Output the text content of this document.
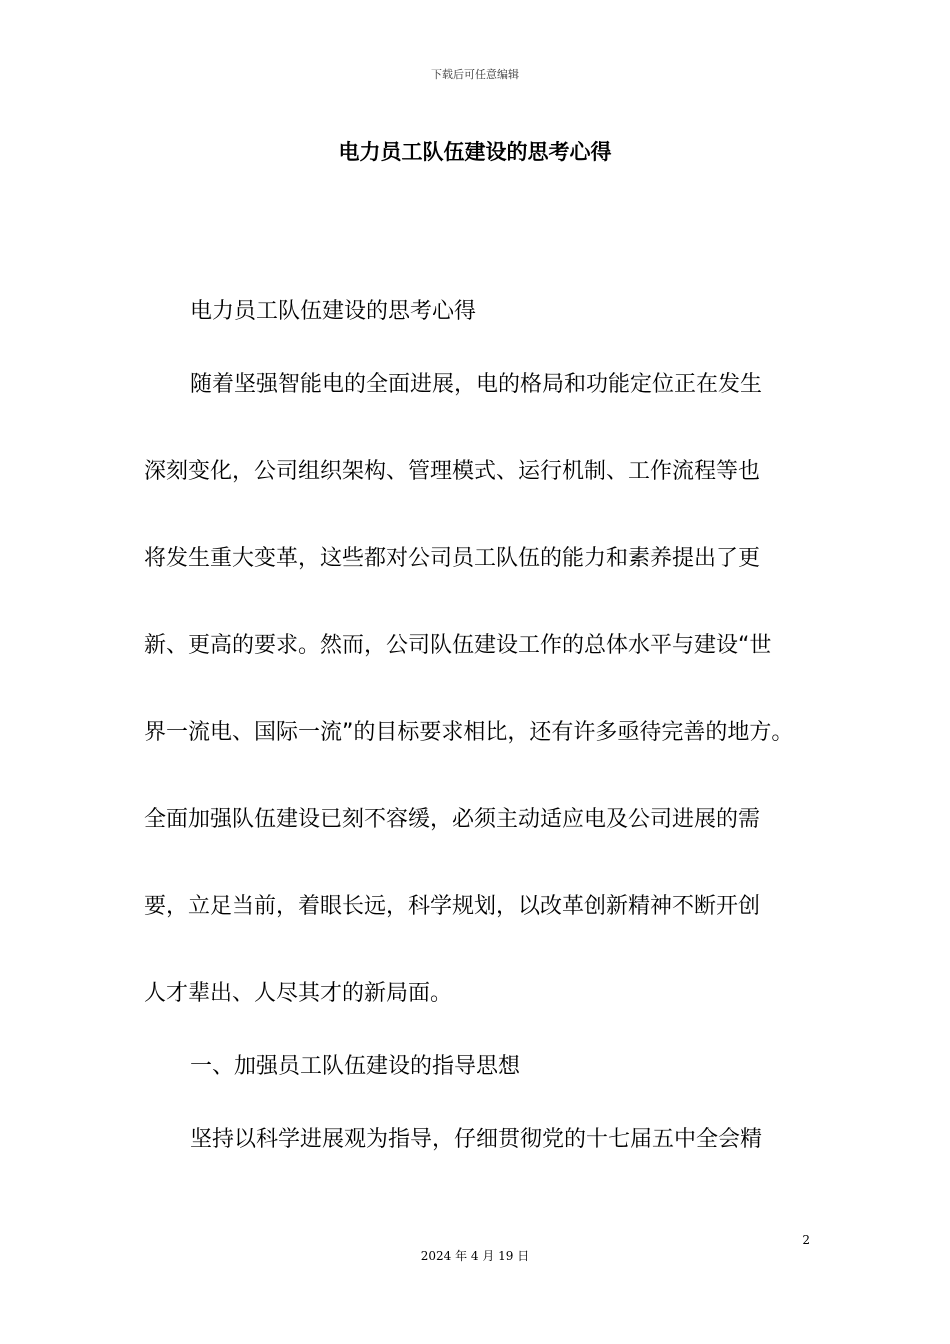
下载后可任意编辑
电力员工队伍建设的思考心得
电力员工队伍建设的思考心得
随着坚强智能电的全面进展，电的格局和功能定位正在发生
深刻变化，公司组织架构、管理模式、运行机制、工作流程等也
将发生重大变革，这些都对公司员工队伍的能力和素养提出了更
新、更高的要求。然而，公司队伍建设工作的总体水平与建设“世
界一流电、国际一流”的目标要求相比，还有许多亟待完善的地方。
全面加强队伍建设已刻不容缓，必须主动适应电及公司进展的需
要，立足当前，着眼长远，科学规划，以改革创新精神不断开创
人才辈出、人尽其才的新局面。
一、加强员工队伍建设的指导思想
坚持以科学进展观为指导，仔细贯彻党的十七届五中全会精
2
2024 年 4 月 19 日
